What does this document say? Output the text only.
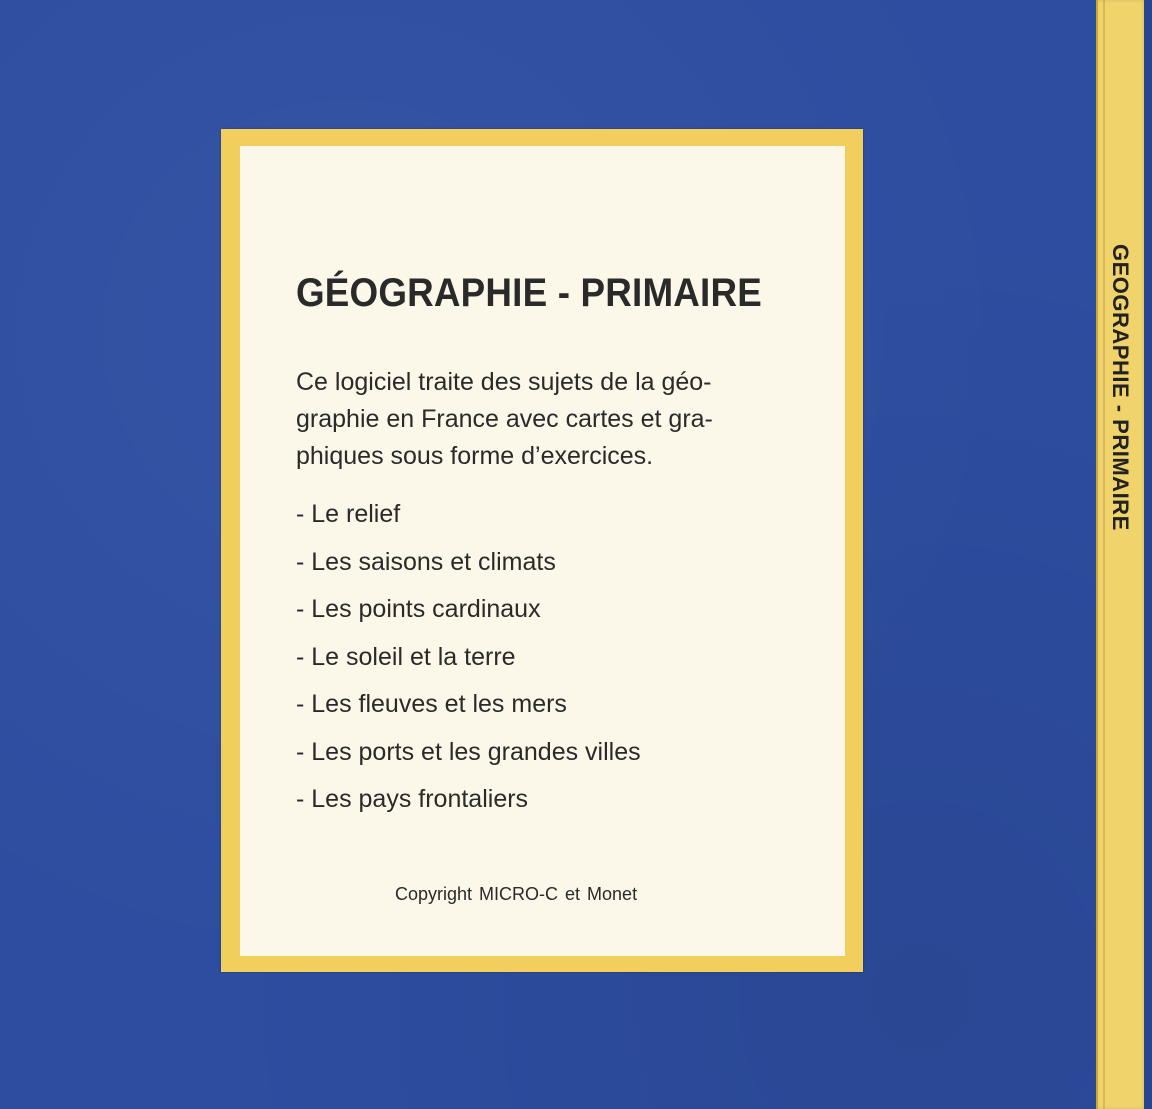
GEOGRAPHIE - PRIMAIRE
GÉOGRAPHIE - PRIMAIRE

Ce logiciel traite des sujets de la géo-
graphie en France avec cartes et gra-
phiques sous forme d’exercices.

- Le relief
- Les saisons et climats
- Les points cardinaux
- Le soleil et la terre
- Les fleuves et les mers
- Les ports et les grandes villes
- Les pays frontaliers
Copyright MICRO-C et Monet
